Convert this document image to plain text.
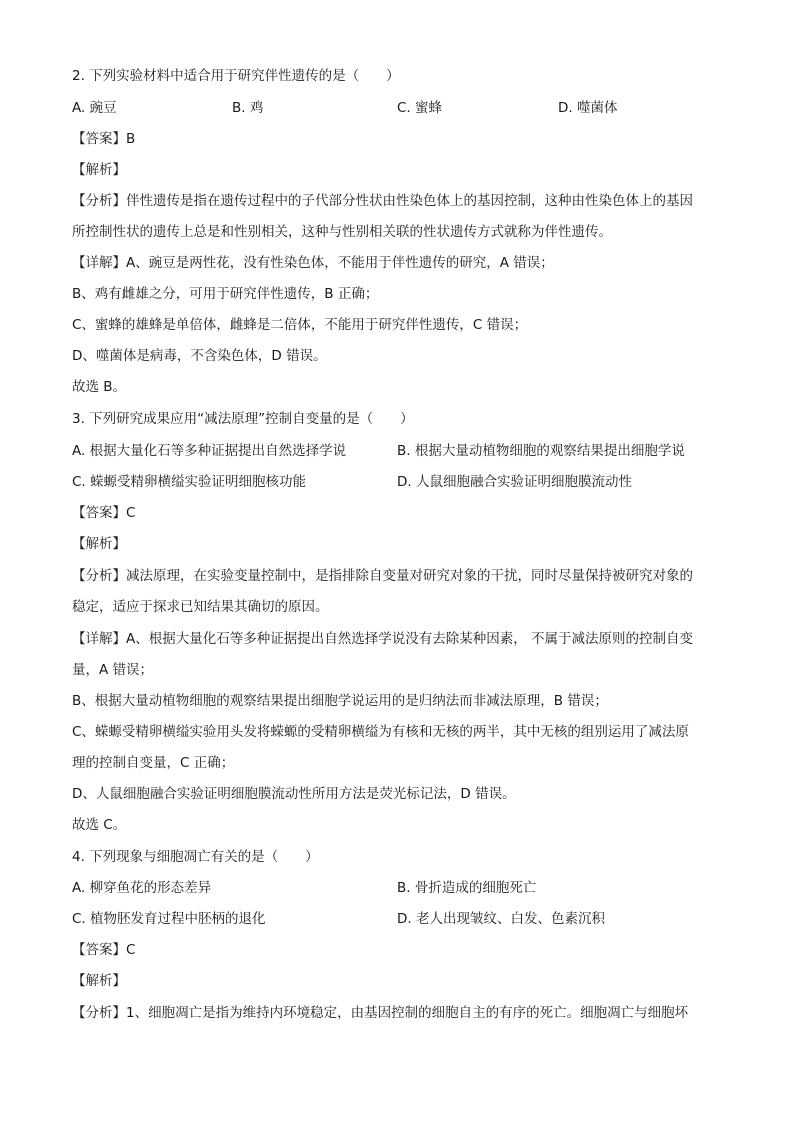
2. 下列实验材料中适合用于研究伴性遗传的是（　　）
A. 豌豆	B. 鸡	C. 蜜蜂	D. 噬菌体
【答案】B
【解析】
【分析】伴性遗传是指在遗传过程中的子代部分性状由性染色体上的基因控制，这种由性染色体上的基因
所控制性状的遗传上总是和性别相关，这种与性别相关联的性状遗传方式就称为伴性遗传。
【详解】A、豌豆是两性花，没有性染色体，不能用于伴性遗传的研究，A 错误；
B、鸡有雌雄之分，可用于研究伴性遗传，B 正确；
C、蜜蜂的雄蜂是单倍体，雌蜂是二倍体，不能用于研究伴性遗传，C 错误；
D、噬菌体是病毒，不含染色体，D 错误。
故选 B。
3. 下列研究成果应用“减法原理”控制自变量的是（　　）
A. 根据大量化石等多种证据提出自然选择学说	B. 根据大量动植物细胞的观察结果提出细胞学说
C. 蝾螈受精卵横缢实验证明细胞核功能	D. 人鼠细胞融合实验证明细胞膜流动性
【答案】C
【解析】
【分析】减法原理，在实验变量控制中，是指排除自变量对研究对象的干扰，同时尽量保持被研究对象的
稳定，适应于探求已知结果其确切的原因。
【详解】A、根据大量化石等多种证据提出自然选择学说没有去除某种因素， 不属于减法原则的控制自变
量，A 错误；
B、根据大量动植物细胞的观察结果提出细胞学说运用的是归纳法而非减法原理，B 错误；
C、蝾螈受精卵横缢实验用头发将蝾螈的受精卵横缢为有核和无核的两半，其中无核的组别运用了减法原
理的控制自变量，C 正确；
D、人鼠细胞融合实验证明细胞膜流动性所用方法是荧光标记法，D 错误。
故选 C。
4. 下列现象与细胞凋亡有关的是（　　）
A. 柳穿鱼花的形态差异	B. 骨折造成的细胞死亡
C. 植物胚发育过程中胚柄的退化	D. 老人出现皱纹、白发、色素沉积
【答案】C
【解析】
【分析】1、细胞凋亡是指为维持内环境稳定，由基因控制的细胞自主的有序的死亡。细胞凋亡与细胞坏
